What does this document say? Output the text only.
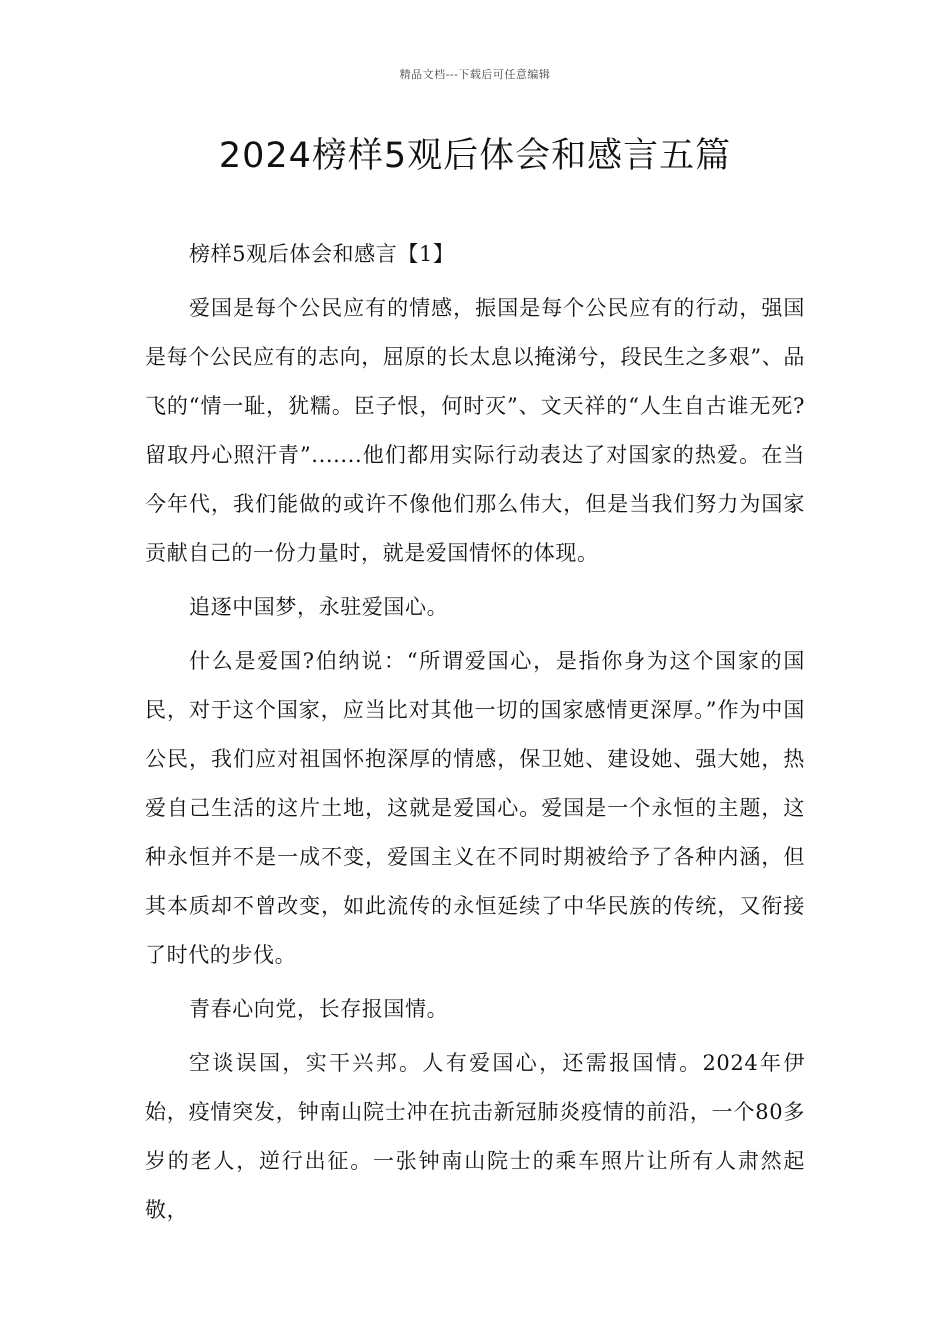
精品文档---下载后可任意编辑
2024榜样5观后体会和感言五篇

榜样5观后体会和感言【1】

爱国是每个公民应有的情感，振国是每个公民应有的行动，强国是每个公民应有的志向，屈原的长太息以掩涕兮，段民生之多艰”、品飞的“情一耻，犹糯。臣子恨，何时灭”、文天祥的“人生自古谁无死?留取丹心照汗青”.......他们都用实际行动表达了对国家的热爱。在当今年代，我们能做的或许不像他们那么伟大，但是当我们努力为国家贡献自己的一份力量时，就是爱国情怀的体现。

追逐中国梦，永驻爱国心。

什么是爱国?伯纳说：“所谓爱国心，是指你身为这个国家的国民，对于这个国家，应当比对其他一切的国家感情更深厚。”作为中国公民，我们应对祖国怀抱深厚的情感，保卫她、建设她、强大她，热爱自己生活的这片土地，这就是爱国心。爱国是一个永恒的主题，这种永恒并不是一成不变，爱国主义在不同时期被给予了各种内涵，但其本质却不曾改变，如此流传的永恒延续了中华民族的传统，又衔接了时代的步伐。

青春心向党，长存报国情。

空谈误国，实干兴邦。人有爱国心，还需报国情。2024年伊始，疫情突发，钟南山院士冲在抗击新冠肺炎疫情的前沿，一个80多岁的老人，逆行出征。一张钟南山院士的乘车照片让所有人肃然起敬，
